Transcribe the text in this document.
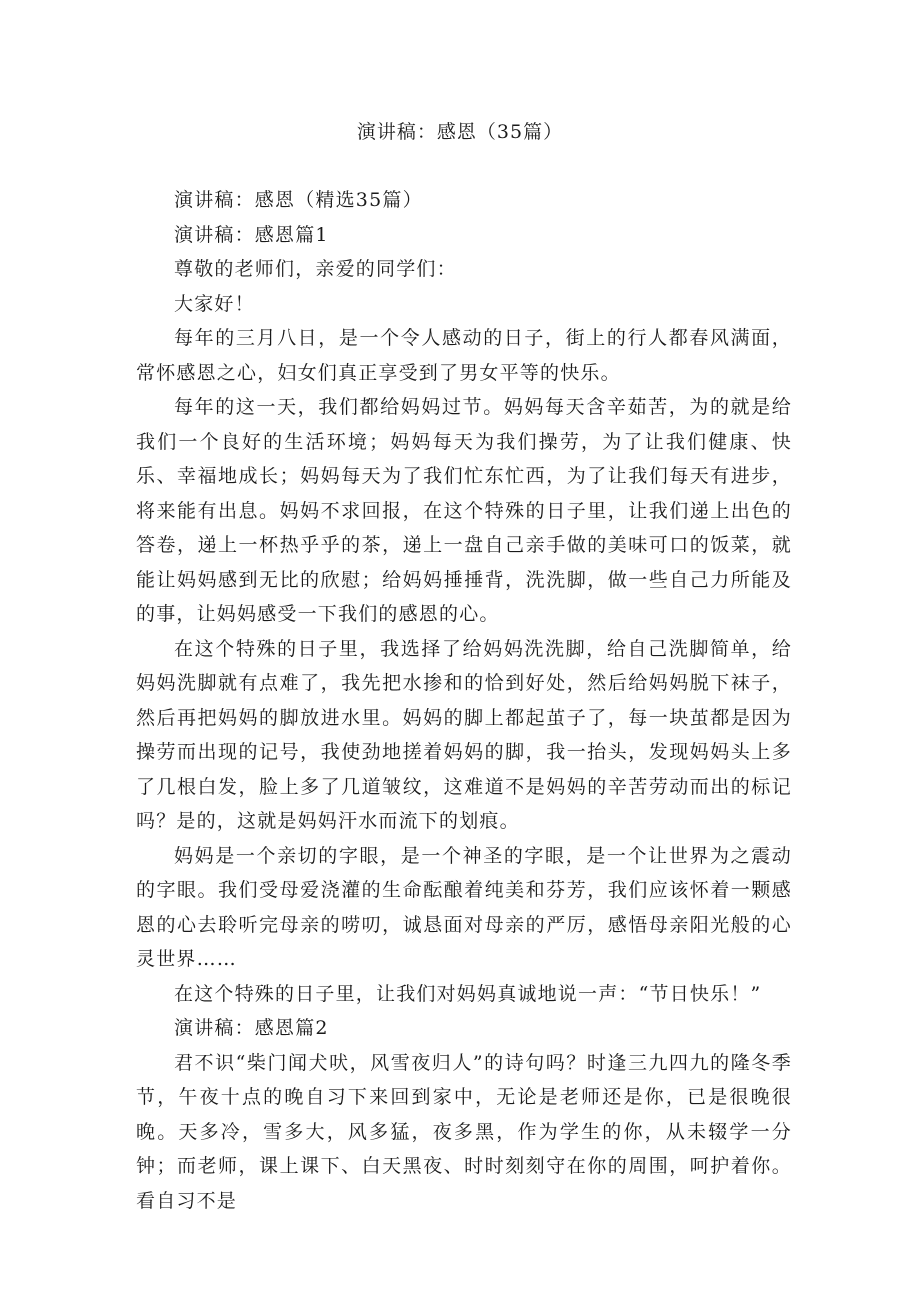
演讲稿：感恩（35篇）

演讲稿：感恩（精选35篇）

演讲稿：感恩篇1

尊敬的老师们，亲爱的同学们：

大家好！

每年的三月八日，是一个令人感动的日子，街上的行人都春风满面，常怀感恩之心，妇女们真正享受到了男女平等的快乐。

每年的这一天，我们都给妈妈过节。妈妈每天含辛茹苦，为的就是给我们一个良好的生活环境；妈妈每天为我们操劳，为了让我们健康、快乐、幸福地成长；妈妈每天为了我们忙东忙西，为了让我们每天有进步，将来能有出息。妈妈不求回报，在这个特殊的日子里，让我们递上出色的答卷，递上一杯热乎乎的茶，递上一盘自己亲手做的美味可口的饭菜，就能让妈妈感到无比的欣慰；给妈妈捶捶背，洗洗脚，做一些自己力所能及的事，让妈妈感受一下我们的感恩的心。

在这个特殊的日子里，我选择了给妈妈洗洗脚，给自己洗脚简单，给妈妈洗脚就有点难了，我先把水掺和的恰到好处，然后给妈妈脱下袜子，然后再把妈妈的脚放进水里。妈妈的脚上都起茧子了，每一块茧都是因为操劳而出现的记号，我使劲地搓着妈妈的脚，我一抬头，发现妈妈头上多了几根白发，脸上多了几道皱纹，这难道不是妈妈的辛苦劳动而出的标记吗？是的，这就是妈妈汗水而流下的划痕。

妈妈是一个亲切的字眼，是一个神圣的字眼，是一个让世界为之震动的字眼。我们受母爱浇灌的生命酝酿着纯美和芬芳，我们应该怀着一颗感恩的心去聆听完母亲的唠叨，诚恳面对母亲的严厉，感悟母亲阳光般的心灵世界……

在这个特殊的日子里，让我们对妈妈真诚地说一声：“节日快乐！”

演讲稿：感恩篇2

君不识“柴门闻犬吠，风雪夜归人”的诗句吗？时逢三九四九的隆冬季节，午夜十点的晚自习下来回到家中，无论是老师还是你，已是很晚很晚。天多冷，雪多大，风多猛，夜多黑，作为学生的你，从未辍学一分钟；而老师，课上课下、白天黑夜、时时刻刻守在你的周围，呵护着你。看自习不是
